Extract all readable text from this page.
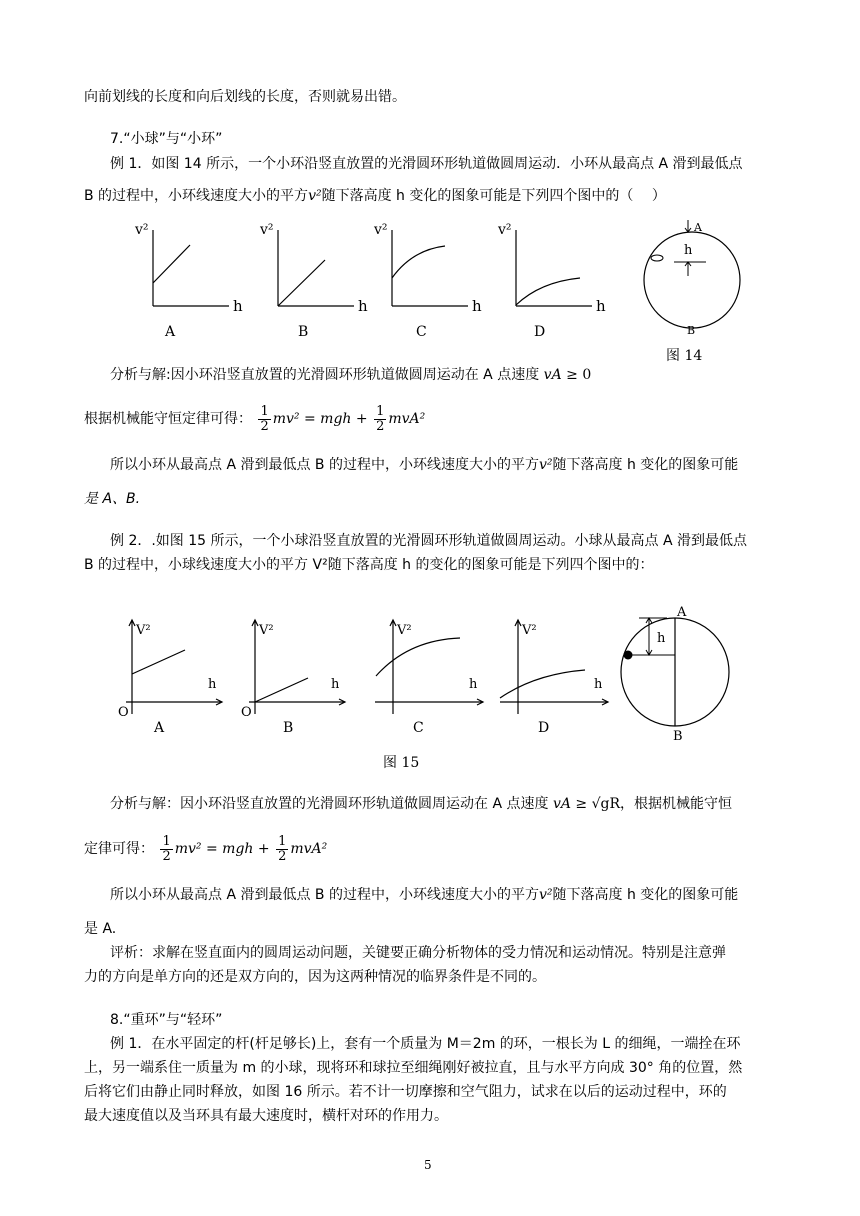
向前划线的长度和向后划线的长度，否则就易出错。
7.“小球”与“小环”
例 1．如图 14 所示，一个小环沿竖直放置的光滑圆环形轨道做圆周运动．小环从最高点 A 滑到最低点
B 的过程中，小环线速度大小的平方v²随下落高度 h 变化的图象可能是下列四个图中的（　 ）
v²
h
A
v²
h
B
v²
h
C
v²
h
D
A
B
h
图 14
分析与解:因小环沿竖直放置的光滑圆环形轨道做圆周运动在 A 点速度 vA ≥ 0
根据机械能守恒定律可得： $\frac{1}{2} mv^2$ = mgh + $\frac{1}{2} mvA^2$
所以小环从最高点 A 滑到最低点 B 的过程中，小环线速度大小的平方v²随下落高度 h 变化的图象可能
是 A、B.
例 2．.如图 15 所示，一个小球沿竖直放置的光滑圆环形轨道做圆周运动。小球从最高点 A 滑到最低点
B 的过程中，小球线速度大小的平方 V²随下落高度 h 的变化的图象可能是下列四个图中的：
V²
h
O
A
V²
h
O
B
V²
h
C
V²
h
D
A
B
h
图 15
分析与解：因小环沿竖直放置的光滑圆环形轨道做圆周运动在 A 点速度 vA ≥ √gR，根据机械能守恒
定律可得： $\frac{1}{2} mv^2$ = mgh + $\frac{1}{2} mvA^2$
所以小环从最高点 A 滑到最低点 B 的过程中，小环线速度大小的平方v²随下落高度 h 变化的图象可能
是 A.
评析：求解在竖直面内的圆周运动问题，关键要正确分析物体的受力情况和运动情况。特别是注意弹
力的方向是单方向的还是双方向的，因为这两种情况的临界条件是不同的。
8.“重环”与“轻环”
例 1．在水平固定的杆(杆足够长)上，套有一个质量为 M＝2m 的环，一根长为 L 的细绳，一端拴在环
上，另一端系住一质量为 m 的小球，现将环和球拉至细绳刚好被拉直，且与水平方向成 30° 角的位置，然
后将它们由静止同时释放，如图 16 所示。若不计一切摩擦和空气阻力，试求在以后的运动过程中，环的
最大速度值以及当环具有最大速度时，横杆对环的作用力。
5
